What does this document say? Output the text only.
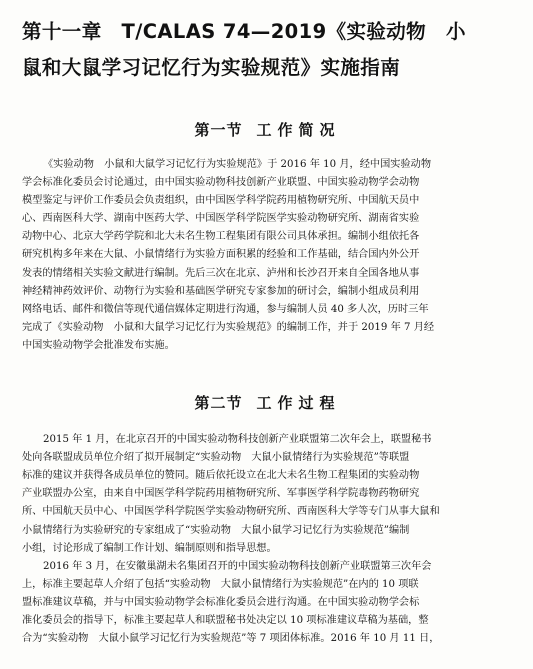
第十一章　T/CALAS 74—2019《实验动物　小
鼠和大鼠学习记忆行为实验规范》实施指南
第一节 工作简况

《实验动物　小鼠和大鼠学习记忆行为实验规范》于 2016 年 10 月，经中国实验动物
学会标准化委员会讨论通过，由中国实验动物科技创新产业联盟、中国实验动物学会动物
模型鉴定与评价工作委员会负责组织，由中国医学科学院药用植物研究所、中国航天员中
心、西南医科大学、湖南中医药大学、中国医学科学院医学实验动物研究所、湖南省实验
动物中心、北京大学药学院和北大未名生物工程集团有限公司具体承担。编制小组依托各
研究机构多年来在大鼠、小鼠情绪行为实验方面积累的经验和工作基础，结合国内外公开
发表的情绪相关实验文献进行编制。先后三次在北京、泸州和长沙召开来自全国各地从事
神经精神药效评价、动物行为实验和基础医学研究专家参加的研讨会，编制小组成员利用
网络电话、邮件和微信等现代通信媒体定期进行沟通，参与编制人员 40 多人次，历时三年
完成了《实验动物　小鼠和大鼠学习记忆行为实验规范》的编制工作，并于 2019 年 7 月经
中国实验动物学会批准发布实施。

第二节 工作过程

2015 年 1 月，在北京召开的中国实验动物科技创新产业联盟第二次年会上，联盟秘书
处向各联盟成员单位介绍了拟开展制定“实验动物　大鼠小鼠情绪行为实验规范”等联盟
标准的建议并获得各成员单位的赞同。随后依托设立在北大未名生物工程集团的实验动物
产业联盟办公室，由来自中国医学科学院药用植物研究所、军事医学科学院毒物药物研究
所、中国航天员中心、中国医学科学院医学实验动物研究所、西南医科大学等专门从事大鼠和
小鼠情绪行为实验研究的专家组成了“实验动物　大鼠小鼠学习记忆行为实验规范”编制
小组，讨论形成了编制工作计划、编制原则和指导思想。

2016 年 3 月，在安徽巢湖未名集团召开的中国实验动物科技创新产业联盟第三次年会
上，标准主要起草人介绍了包括“实验动物　大鼠小鼠情绪行为实验规范”在内的 10 项联
盟标准建议草稿，并与中国实验动物学会标准化委员会进行沟通。在中国实验动物学会标
准化委员会的指导下，标准主要起草人和联盟秘书处决定以 10 项标准建议草稿为基础，整
合为“实验动物　大鼠小鼠学习记忆行为实验规范”等 7 项团体标准。2016 年 10 月 11 日，
